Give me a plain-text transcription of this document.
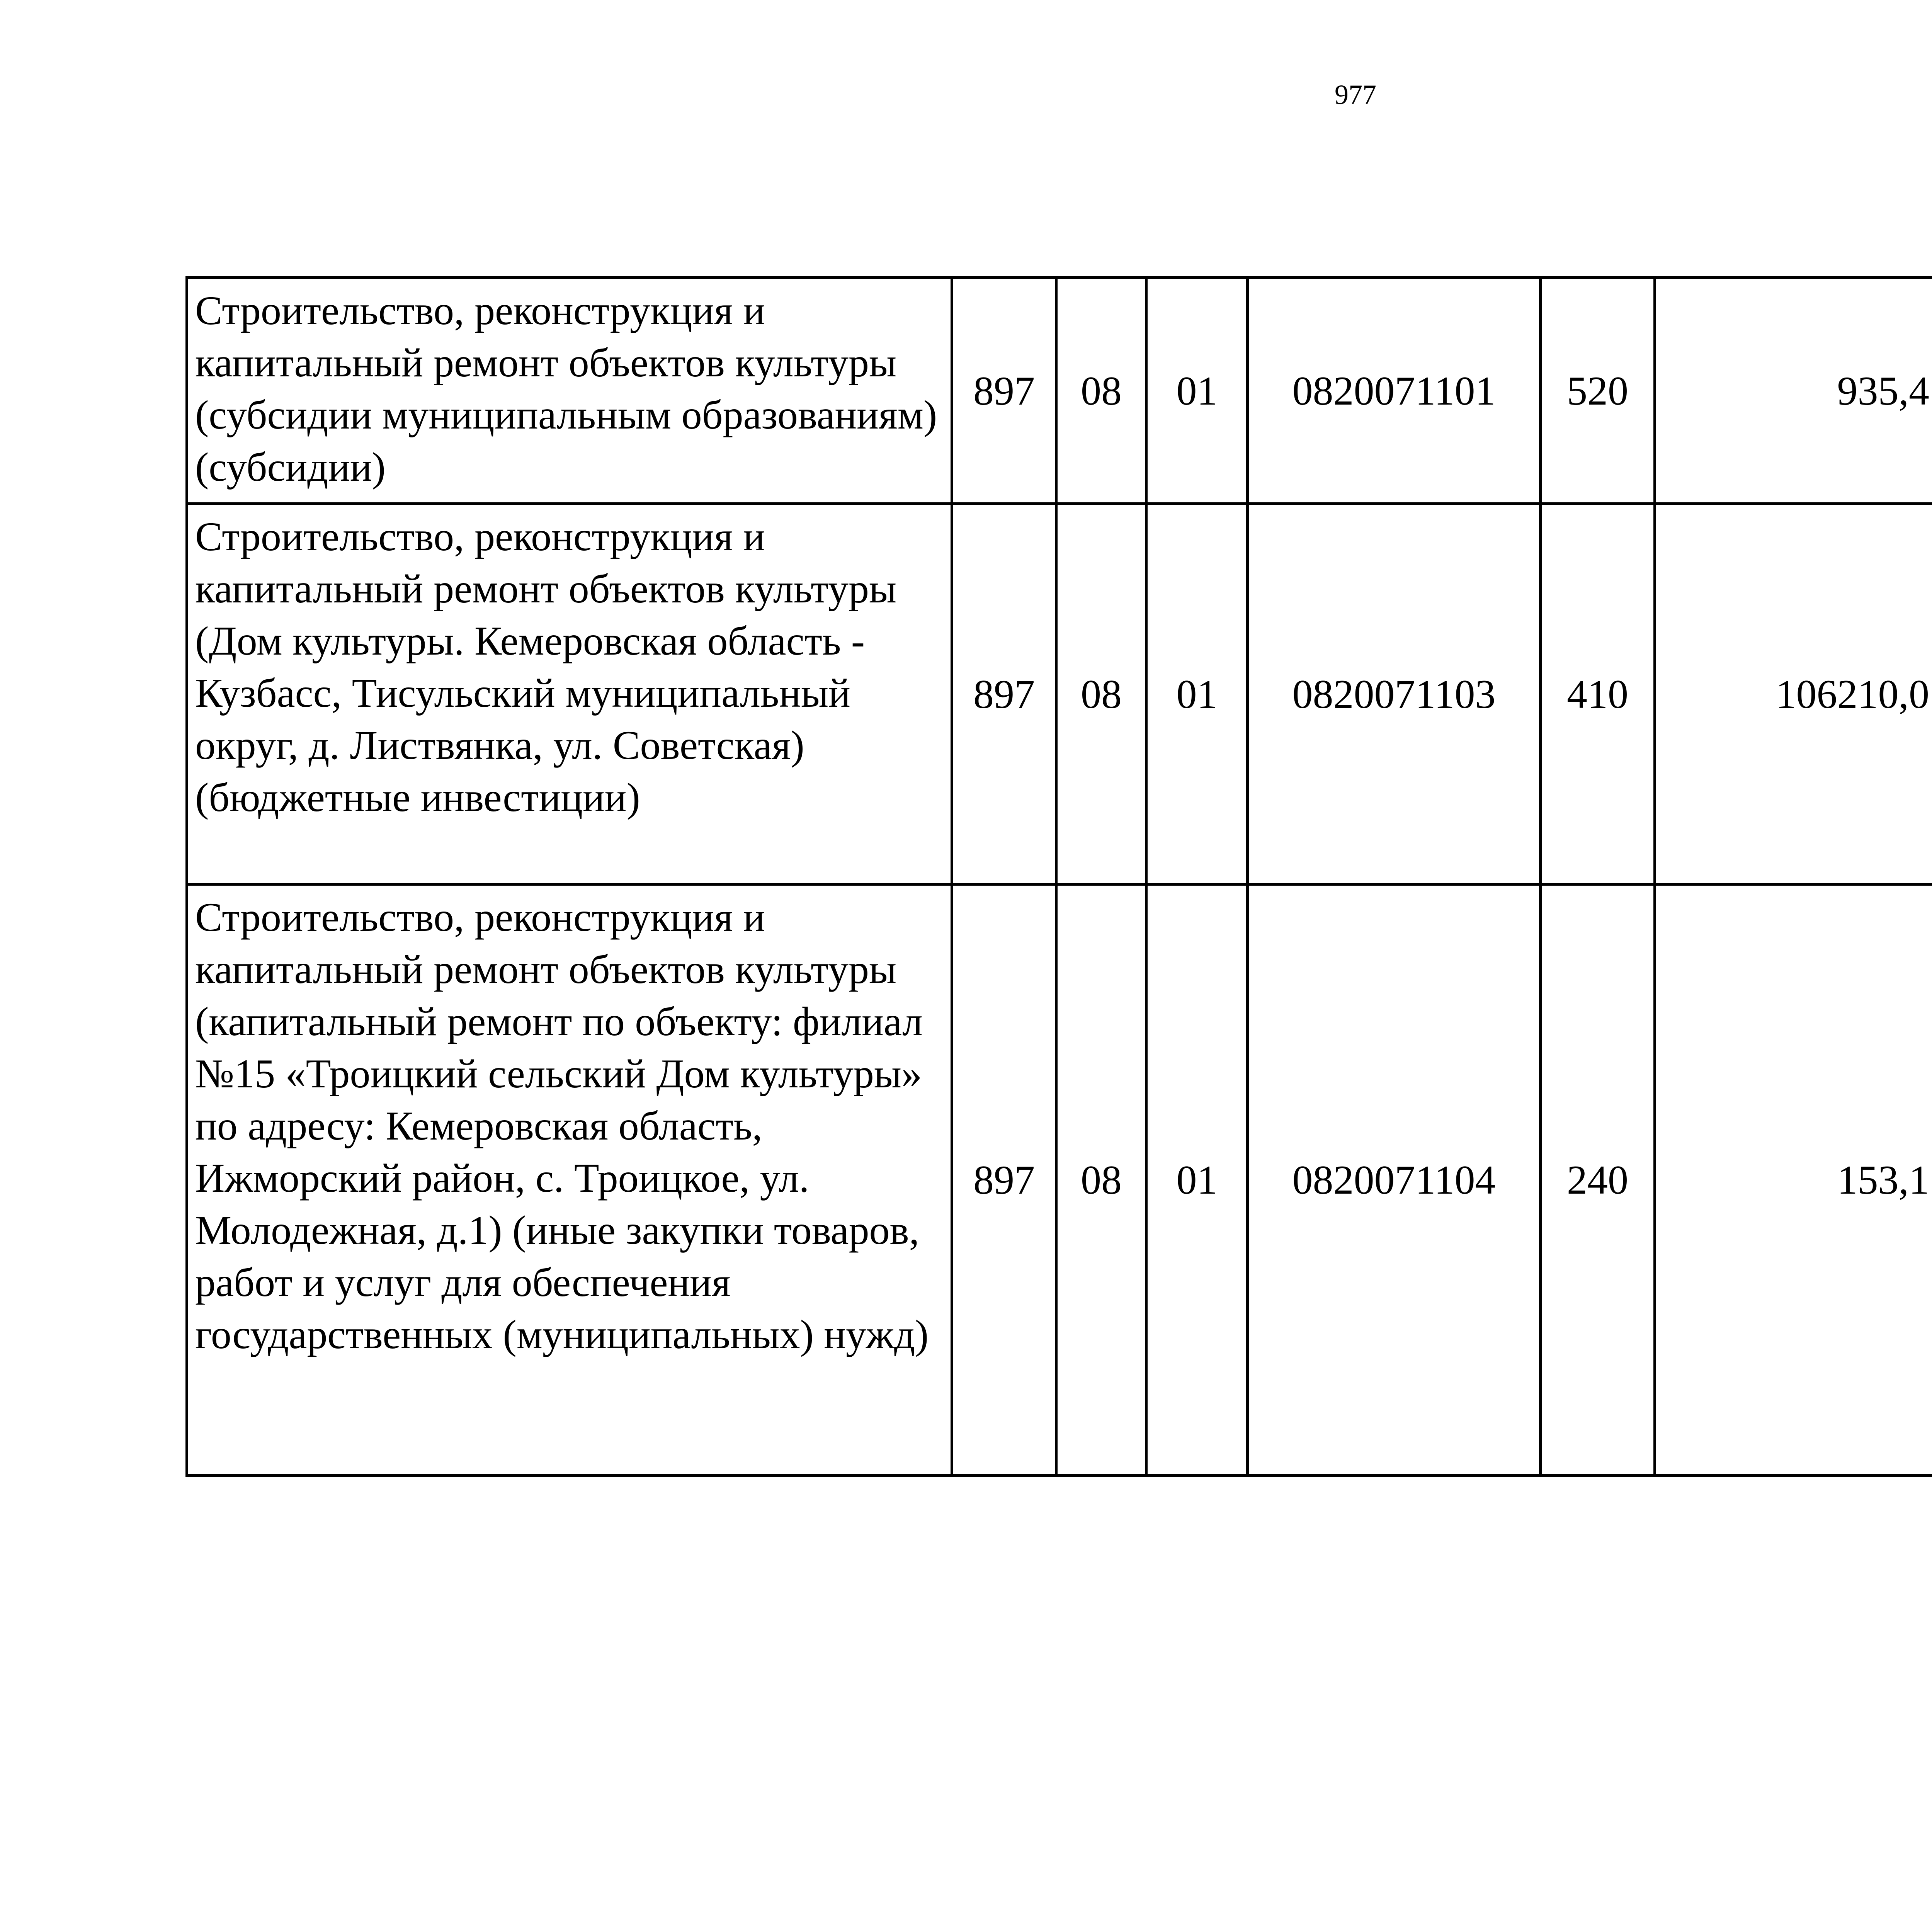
977
Строительство, реконструкция и капитальный ремонт объектов культуры (субсидии муниципальным образованиям) (субсидии)	897	08	01	0820071101	520	935,4		
Строительство, реконструкция и капитальный ремонт объектов культуры (Дом культуры. Кемеровская область - Кузбасс, Тисульский муниципальный округ, д. Листвянка, ул. Советская) (бюджетные инвестиции)	897	08	01	0820071103	410	106210,0		
Строительство, реконструкция и капитальный ремонт объектов культуры (капитальный ремонт по объекту: филиал №15 «Троицкий сельский Дом культуры» по адресу: Кемеровская область, Ижморский район, с. Троицкое, ул. Молодежная, д.1) (иные закупки товаров, работ и услуг для обеспечения государственных (муниципальных) нужд)	897	08	01	0820071104	240	153,1		
